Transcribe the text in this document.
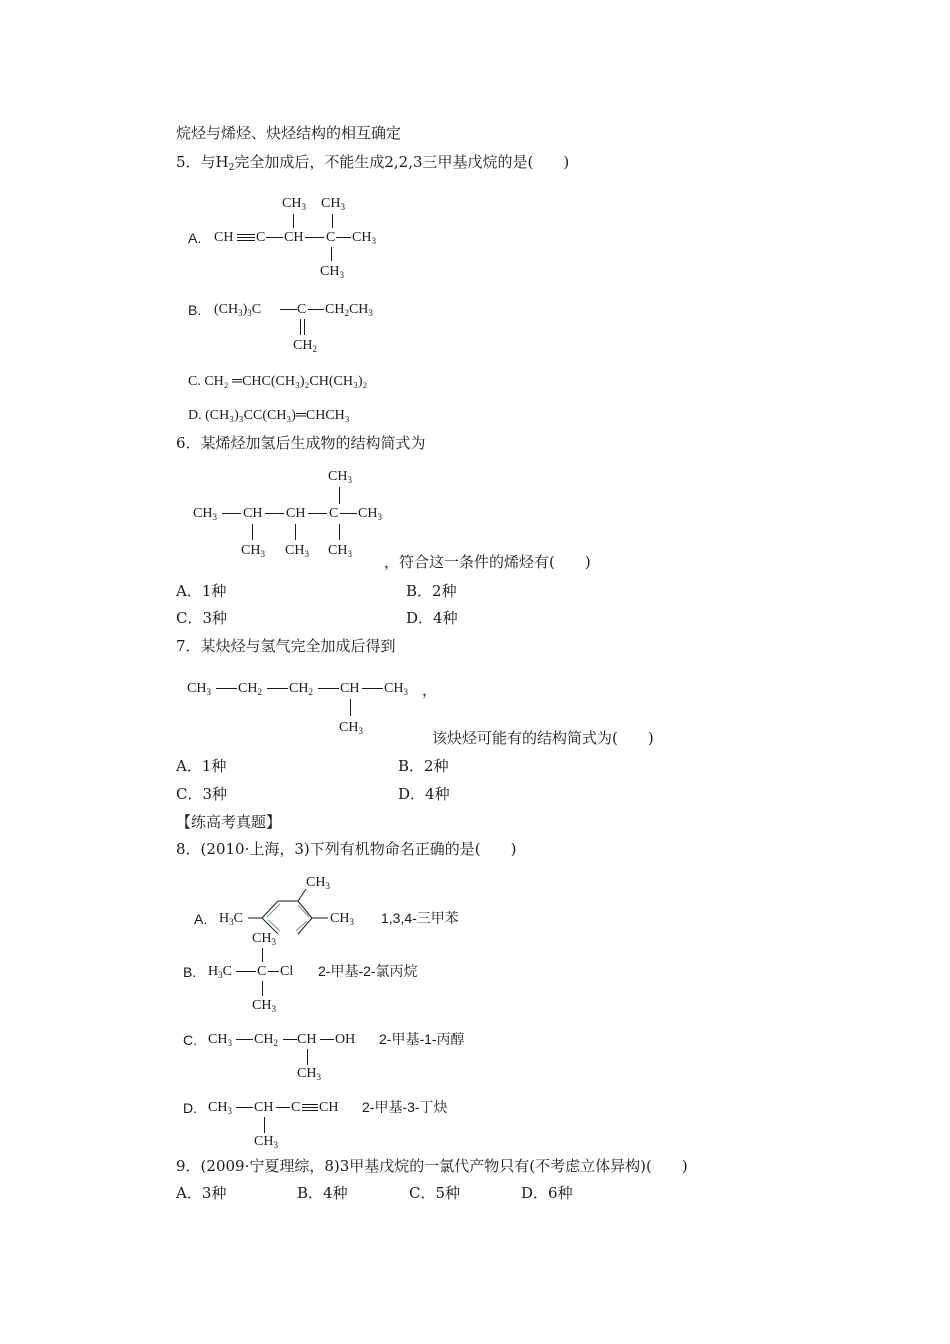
烷烃与烯烃、炔烃结构的相互确定
5．与$H_2$完全加成后，不能生成2,2,3三甲基戊烷的是(　　)
A.
$CH_3$ $CH_3$
CH C CH C $CH_3$
$CH_3$
B. $(CH_3)_3C$	C $CH_2CH_3$
$CH_2$
C. CH₂ ═CHC(CH₃)₂CH(CH₃)₂
D. (CH₃)₃CC(CH₃)═CHCH₃
6．某烯烃加氢后生成物的结构简式为
$CH_3$
$CH_3$ CH CH C $CH_3$
$CH_3$ $CH_3$ $CH_3$ ，符合这一条件的烯烃有(　　)
A．1种	B．2种
C．3种	D．4种
7．某炔烃与氢气完全加成后得到
$CH_3$ $CH_2$ $CH_2$ CH $CH_3$
$CH_3$
，
该炔烃可能有的结构简式为(　　)
A．1种	B．2种
C．3种	D．4种
【练高考真题】
8．(2010·上海，3)下列有机物命名正确的是(　　)
A. $H_3C$
$CH_3$
$CH_3$ 1,3,4-三甲苯
$CH_3$
B. $H_3C$ C Cl
$CH_3$
2-甲基-2-氯丙烷
C. $CH_3$ $CH_2$ CH OH
$CH_3$
2-甲基-1-丙醇
D. $CH_3$ CH C CH
$CH_3$
2-甲基-3-丁炔
9．(2009·宁夏理综，8)3甲基戊烷的一氯代产物只有(不考虑立体异构)(　　)
A．3种	B．4种	C．5种	D．6种
